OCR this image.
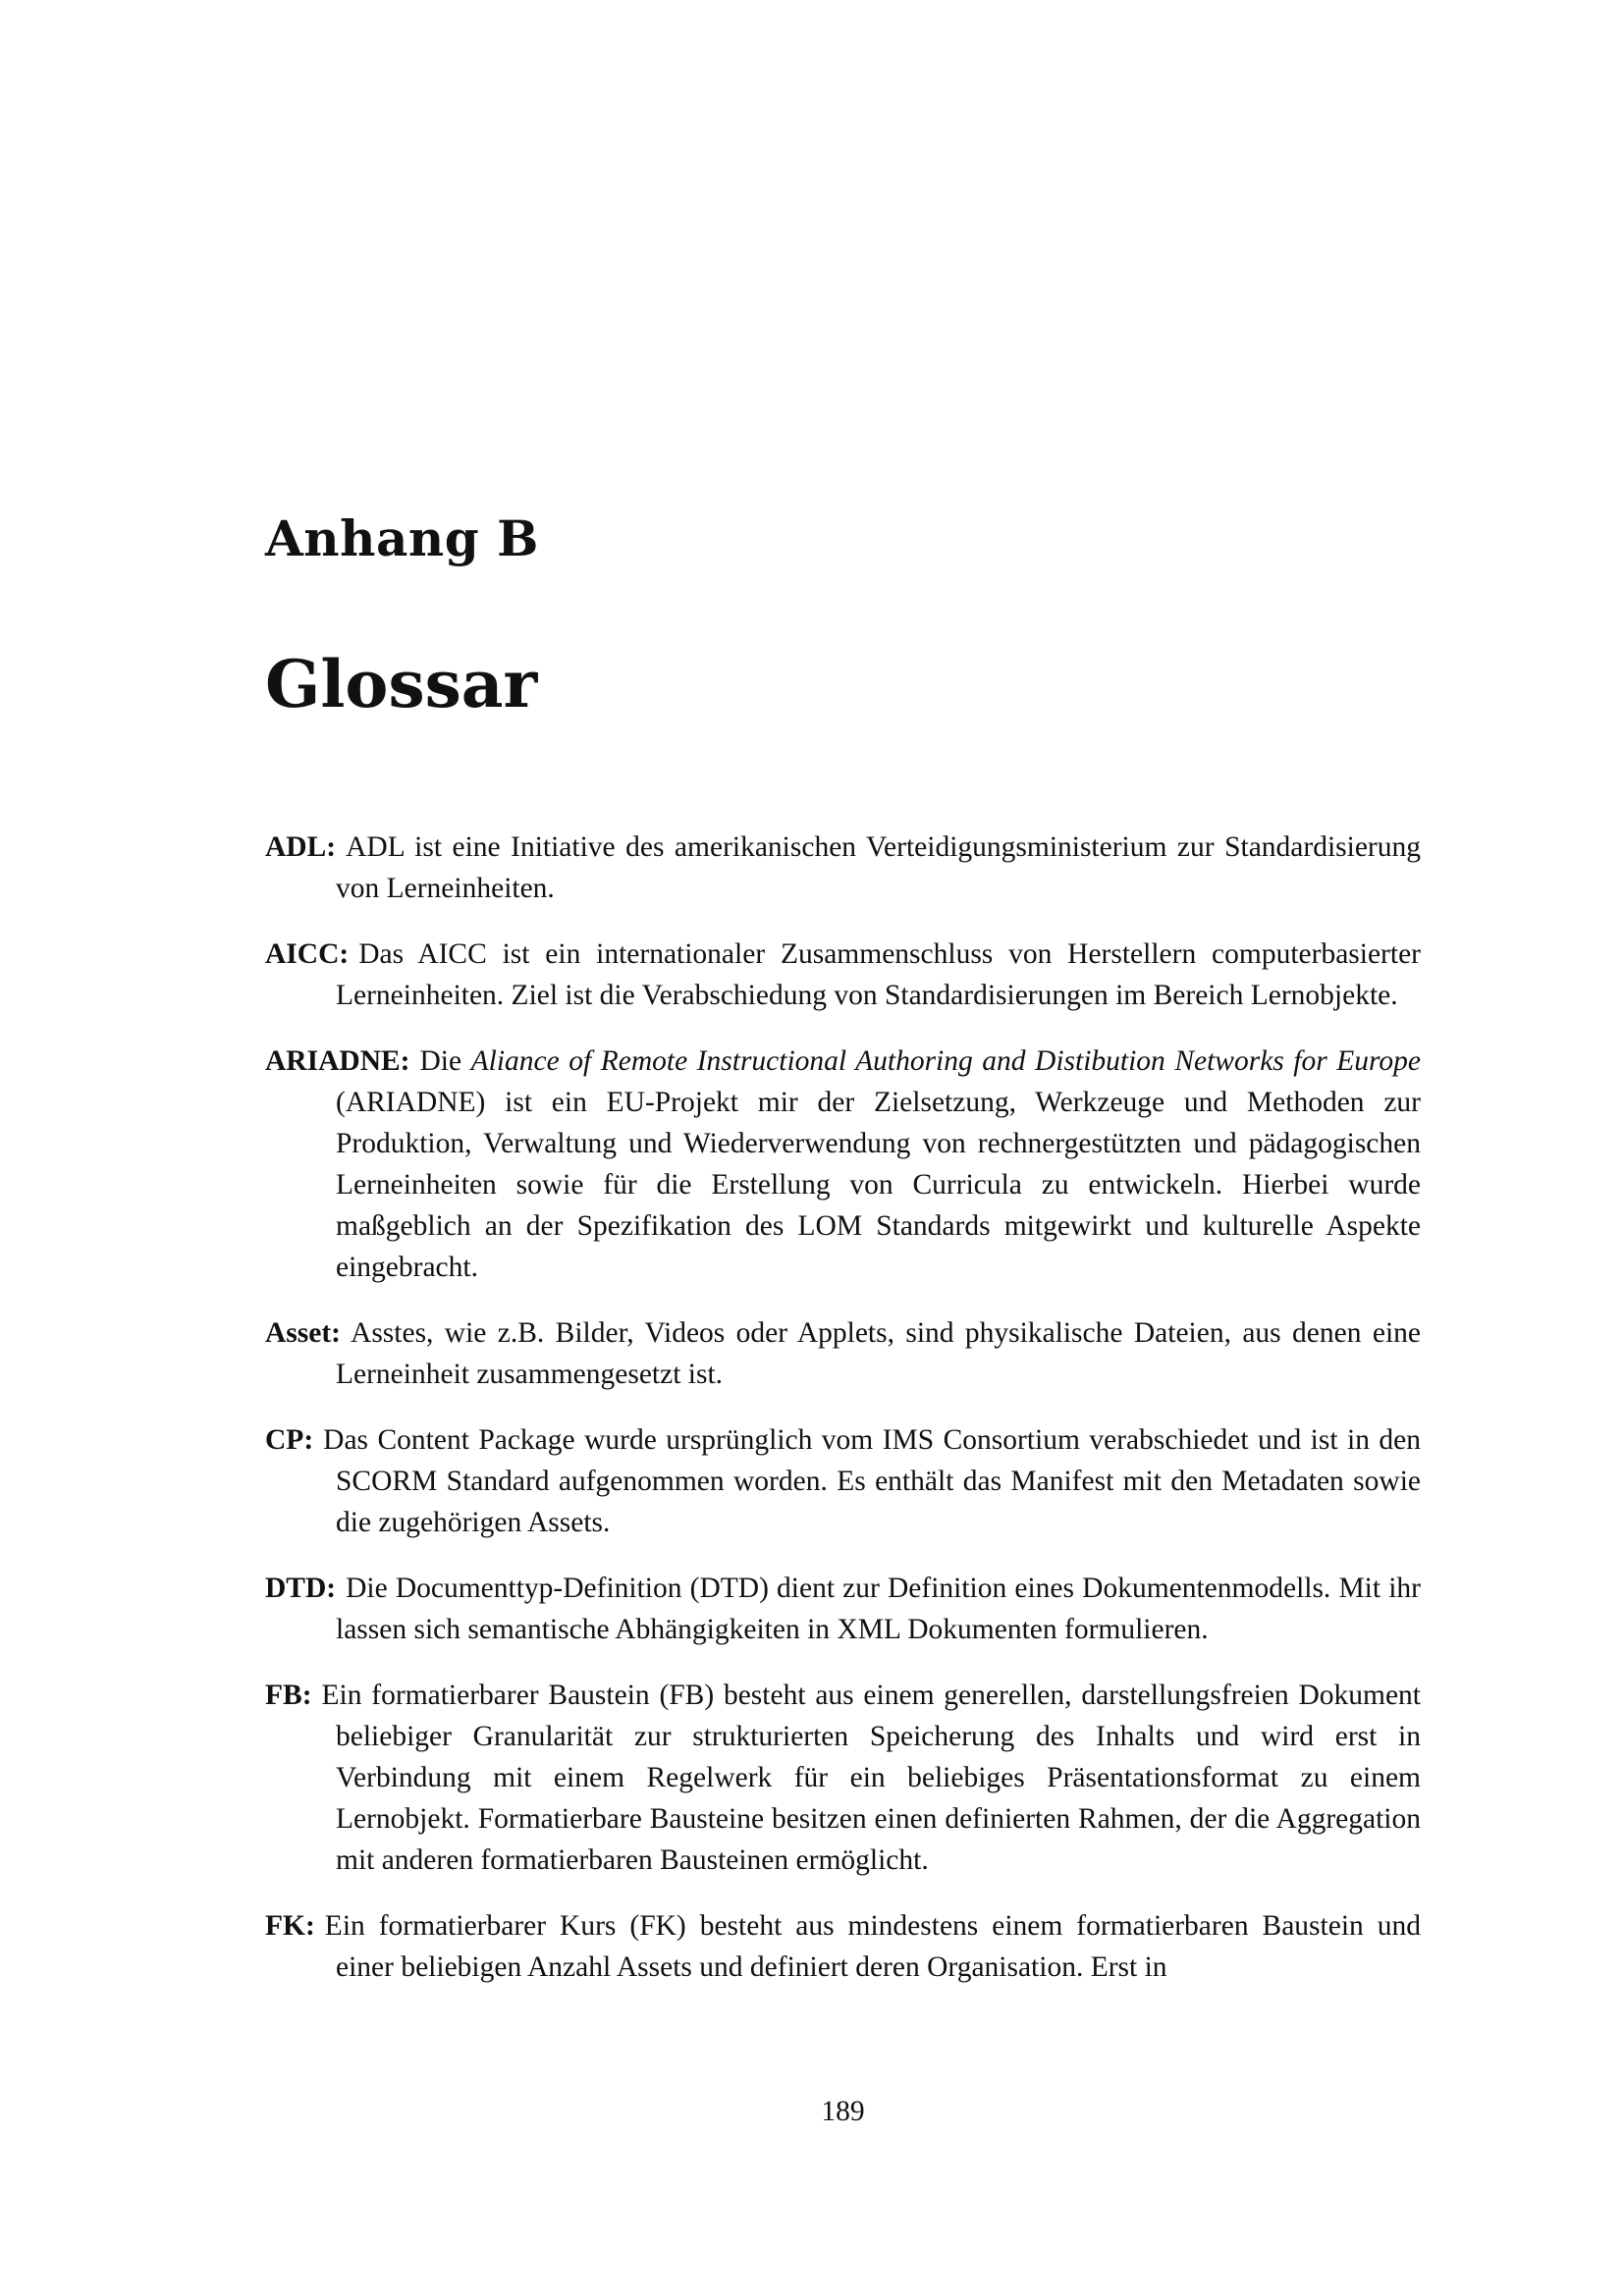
Anhang B
Glossar
ADL: ADL ist eine Initiative des amerikanischen Verteidigungsministerium zur Standardisierung von Lerneinheiten.
AICC: Das AICC ist ein internationaler Zusammenschluss von Herstellern computerbasierter Lerneinheiten. Ziel ist die Verabschiedung von Standardisierungen im Bereich Lernobjekte.
ARIADNE: Die Aliance of Remote Instructional Authoring and Distibution Networks for Europe (ARIADNE) ist ein EU-Projekt mir der Zielsetzung, Werkzeuge und Methoden zur Produktion, Verwaltung und Wiederverwendung von rechnergestützten und pädagogischen Lerneinheiten sowie für die Erstellung von Curricula zu entwickeln. Hierbei wurde maßgeblich an der Spezifikation des LOM Standards mitgewirkt und kulturelle Aspekte eingebracht.
Asset: Asstes, wie z.B. Bilder, Videos oder Applets, sind physikalische Dateien, aus denen eine Lerneinheit zusammengesetzt ist.
CP: Das Content Package wurde ursprünglich vom IMS Consortium verabschiedet und ist in den SCORM Standard aufgenommen worden. Es enthält das Manifest mit den Metadaten sowie die zugehörigen Assets.
DTD: Die Documenttyp-Definition (DTD) dient zur Definition eines Dokumentenmodells. Mit ihr lassen sich semantische Abhängigkeiten in XML Dokumenten formulieren.
FB: Ein formatierbarer Baustein (FB) besteht aus einem generellen, darstellungsfreien Dokument beliebiger Granularität zur strukturierten Speicherung des Inhalts und wird erst in Verbindung mit einem Regelwerk für ein beliebiges Präsentationsformat zu einem Lernobjekt. Formatierbare Bausteine besitzen einen definierten Rahmen, der die Aggregation mit anderen formatierbaren Bausteinen ermöglicht.
FK: Ein formatierbarer Kurs (FK) besteht aus mindestens einem formatierbaren Baustein und einer beliebigen Anzahl Assets und definiert deren Organisation. Erst in

189
